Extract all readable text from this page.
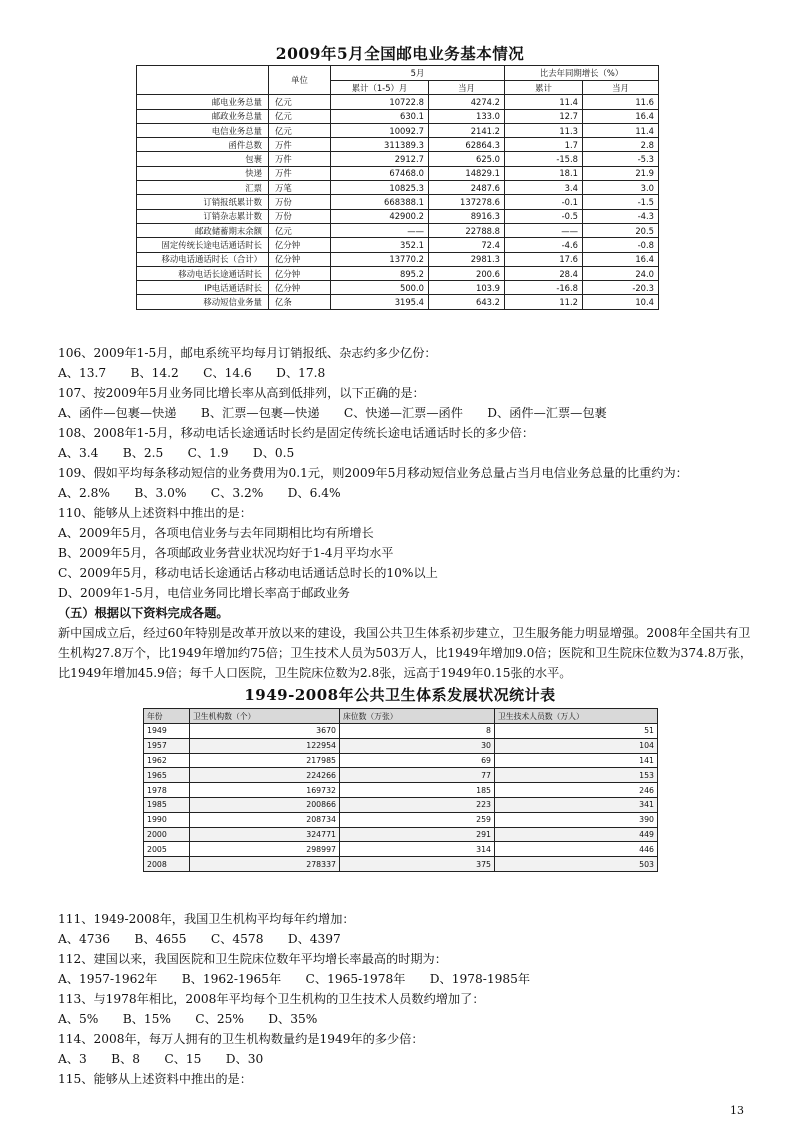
2009年5月全国邮电业务基本情况
	单位	5月		比去年同期增长（%）	
		累计（1-5）月	当月	累计	当月
邮电业务总量	亿元	10722.8	4274.2	11.4	11.6
邮政业务总量	亿元	630.1	133.0	12.7	16.4
电信业务总量	亿元	10092.7	2141.2	11.3	11.4
函件总数	万件	311389.3	62864.3	1.7	2.8
包裹	万件	2912.7	625.0	-15.8	-5.3
快递	万件	67468.0	14829.1	18.1	21.9
汇票	万笔	10825.3	2487.6	3.4	3.0
订销报纸累计数	万份	668388.1	137278.6	-0.1	-1.5
订销杂志累计数	万份	42900.2	8916.3	-0.5	-4.3
邮政储蓄期末余额	亿元	——	22788.8	——	20.5
固定传统长途电话通话时长	亿分钟	352.1	72.4	-4.6	-0.8
移动电话通话时长（合计）	亿分钟	13770.2	2981.3	17.6	16.4
移动电话长途通话时长	亿分钟	895.2	200.6	28.4	24.0
IP电话通话时长	亿分钟	500.0	103.9	-16.8	-20.3
移动短信业务量	亿条	3195.4	643.2	11.2	10.4
106、2009年1-5月，邮电系统平均每月订销报纸、杂志约多少亿份：
A、13.7　　B、14.2　　C、14.6　　D、17.8
107、按2009年5月业务同比增长率从高到低排列，以下正确的是：
A、函件—包裹—快递　　B、汇票—包裹—快递　　C、快递—汇票—函件　　D、函件—汇票—包裹
108、2008年1-5月，移动电话长途通话时长约是固定传统长途电话通话时长的多少倍：
A、3.4　　B、2.5　　C、1.9　　D、0.5
109、假如平均每条移动短信的业务费用为0.1元，则2009年5月移动短信业务总量占当月电信业务总量的比重约为：
A、2.8%　　B、3.0%　　C、3.2%　　D、6.4%
110、能够从上述资料中推出的是：
A、2009年5月，各项电信业务与去年同期相比均有所增长
B、2009年5月，各项邮政业务营业状况均好于1-4月平均水平
C、2009年5月，移动电话长途通话占移动电话通话总时长的10%以上
D、2009年1-5月，电信业务同比增长率高于邮政业务
（五）根据以下资料完成各题。
新中国成立后，经过60年特别是改革开放以来的建设，我国公共卫生体系初步建立，卫生服务能力明显增强。2008年全国共有卫生机构27.8万个，比1949年增加约75倍；卫生技术人员为503万人，比1949年增加9.0倍；医院和卫生院床位数为374.8万张，比1949年增加45.9倍；每千人口医院，卫生院床位数为2.8张，远高于1949年0.15张的水平。
1949-2008年公共卫生体系发展状况统计表
年份	卫生机构数（个）	床位数（万张）	卫生技术人员数（万人）
1949	3670	8	51
1957	122954	30	104
1962	217985	69	141
1965	224266	77	153
1978	169732	185	246
1985	200866	223	341
1990	208734	259	390
2000	324771	291	449
2005	298997	314	446
2008	278337	375	503
111、1949-2008年，我国卫生机构平均每年约增加：
A、4736　　B、4655　　C、4578　　D、4397
112、建国以来，我国医院和卫生院床位数年平均增长率最高的时期为：
A、1957-1962年　　B、1962-1965年　　C、1965-1978年　　D、1978-1985年
113、与1978年相比，2008年平均每个卫生机构的卫生技术人员数约增加了：
A、5%　　B、15%　　C、25%　　D、35%
114、2008年，每万人拥有的卫生机构数量约是1949年的多少倍：
A、3　　B、8　　C、15　　D、30
115、能够从上述资料中推出的是：
13
